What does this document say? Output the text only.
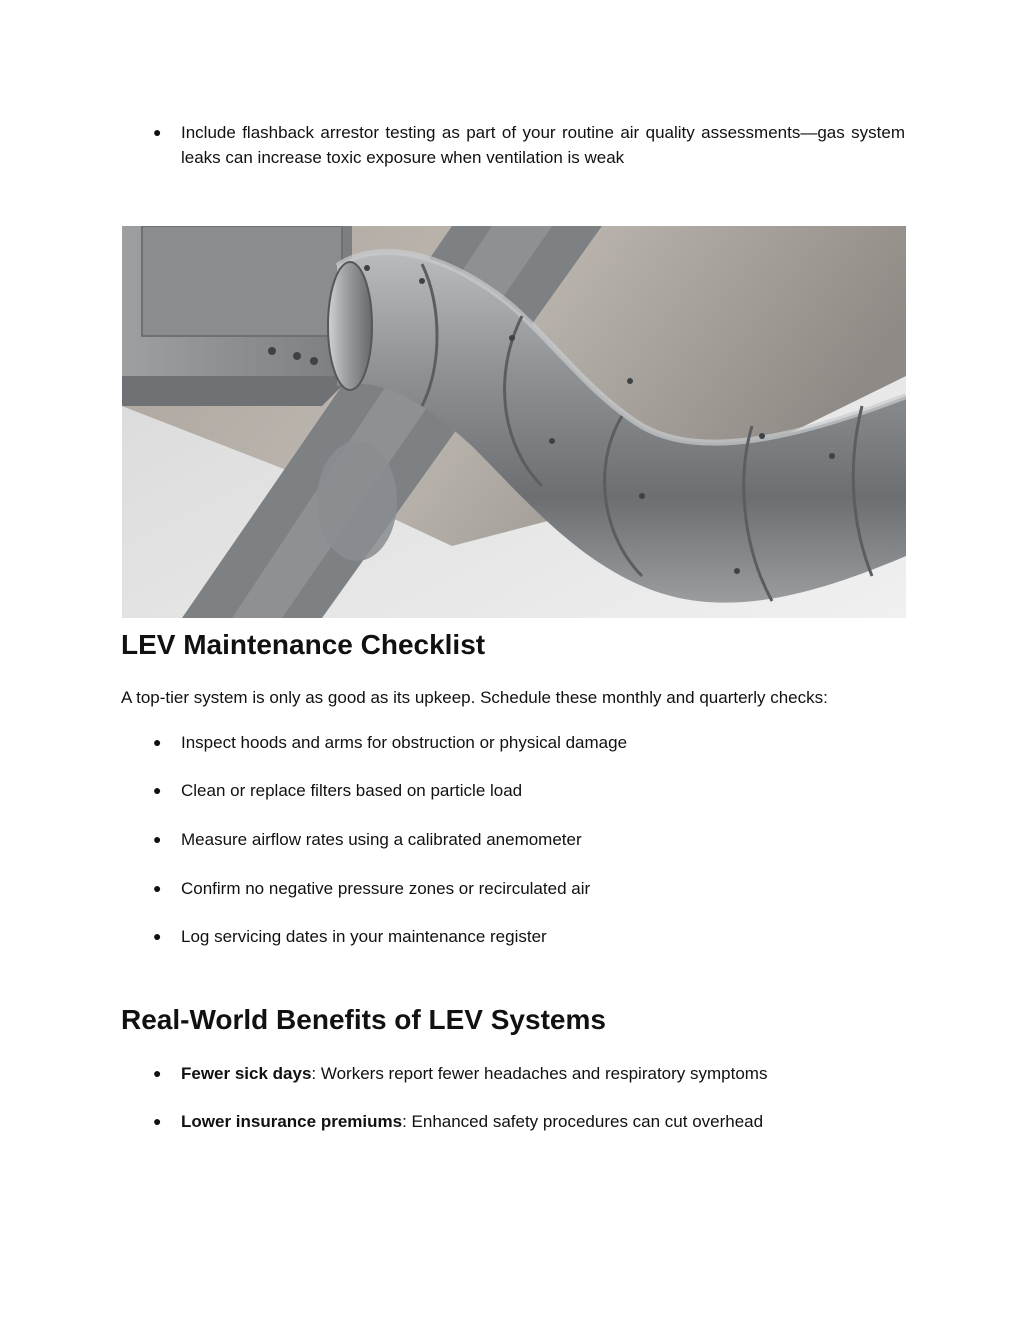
●	Include flashback arrestor testing as part of your routine air quality assessments—gas system leaks can increase toxic exposure when ventilation is weak
LEV Maintenance Checklist

A top-tier system is only as good as its upkeep. Schedule these monthly and quarterly checks:

●	Inspect hoods and arms for obstruction or physical damage
●	Clean or replace filters based on particle load
●	Measure airflow rates using a calibrated anemometer
●	Confirm no negative pressure zones or recirculated air
●	Log servicing dates in your maintenance register
Real-World Benefits of LEV Systems
●	Fewer sick days: Workers report fewer headaches and respiratory symptoms
●	Lower insurance premiums: Enhanced safety procedures can cut overhead
